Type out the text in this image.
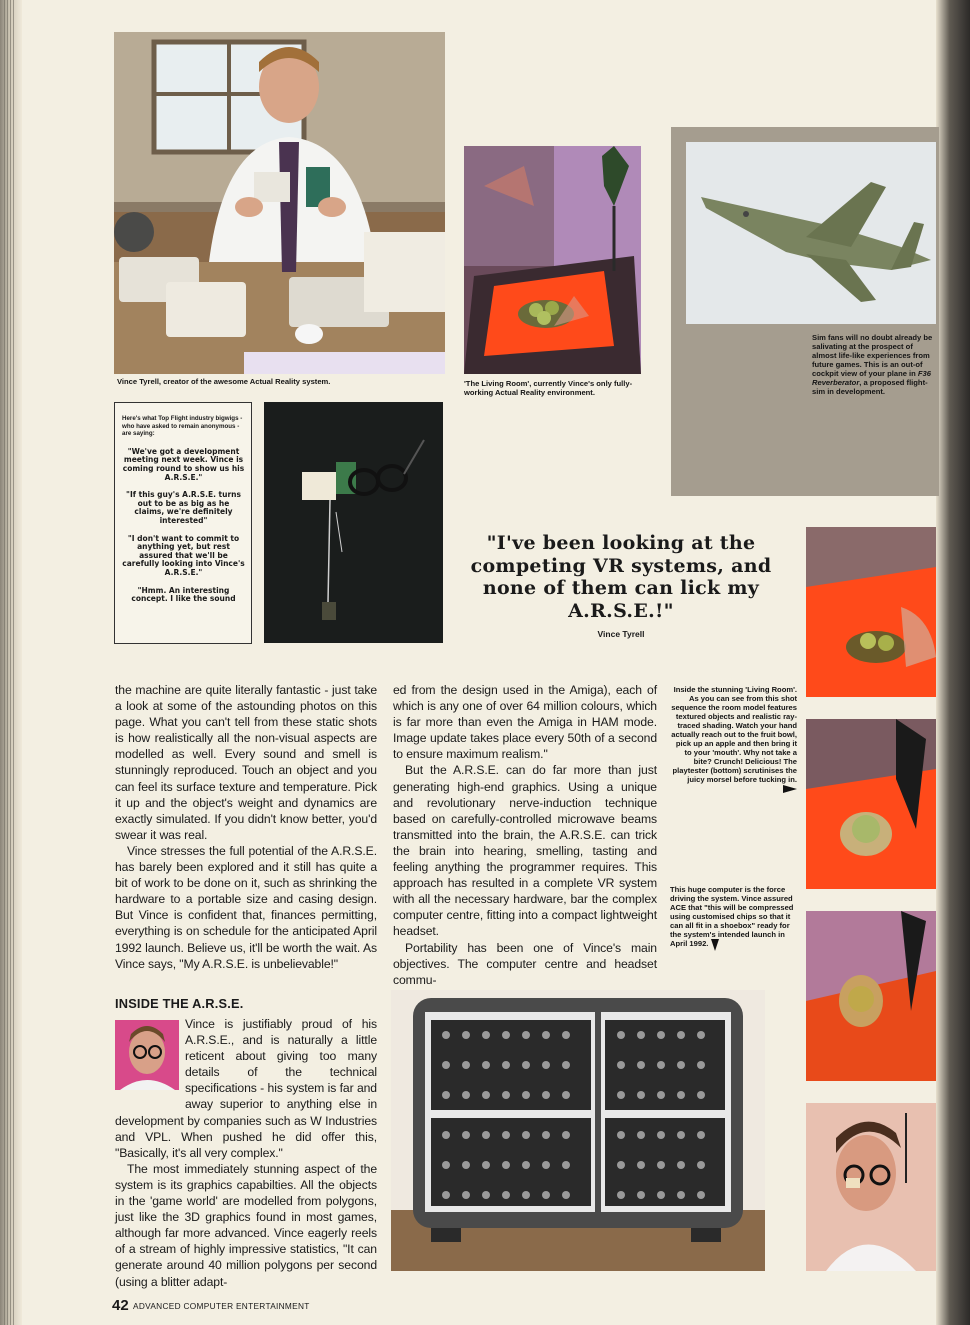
Vince Tyrell, creator of the awesome Actual Reality system.	'The Living Room', currently Vince's only fully-working Actual Reality environment.
Sim fans will no doubt already be salivating at the prospect of almost life-like experiences from future games. This is an out-of cockpit view of your plane in F36 Reverberator, a proposed flight-sim in development.
Here's what Top Flight industry bigwigs - who have asked to remain anonymous - are saying:
"We've got a development meeting next week. Vince is coming round to show us his A.R.S.E."
"If this guy's A.R.S.E. turns out to be as big as he claims, we're definitely interested"
"I don't want to commit to anything yet, but rest assured that we'll be carefully looking into Vince's A.R.S.E."
"Hmm. An interesting concept. I like the sound
"I've been looking at the competing VR systems, and none of them can lick my A.R.S.E.!"
Vince Tyrell
Inside the stunning 'Living Room'. As you can see from this shot sequence the room model features textured objects and realistic ray-traced shading. Watch your hand actually reach out to the fruit bowl, pick up an apple and then bring it to your 'mouth'. Why not take a bite? Crunch! Delicious! The playtester (bottom) scrutinises the juicy morsel before tucking in.
This huge computer is the force driving the system. Vince assured ACE that "this will be compressed using customised chips so that it can all fit in a shoebox" ready for the system's intended launch in April 1992.

the machine are quite literally fantastic - just take a look at some of the astounding photos on this page. What you can't tell from these static shots is how realistically all the non-visual aspects are modelled as well. Every sound and smell is stunningly reproduced. Touch an object and you can feel its surface texture and temperature. Pick it up and the object's weight and dynamics are exactly simulated. If you didn't know better, you'd swear it was real.

Vince stresses the full potential of the A.R.S.E. has barely been explored and it still has quite a bit of work to be done on it, such as shrinking the hardware to a portable size and casing design. But Vince is confident that, finances permitting, everything is on schedule for the anticipated April 1992 launch. Believe us, it'll be worth the wait. As Vince says, "My A.R.S.E. is unbelievable!"

INSIDE THE A.R.S.E.

Vince is justifiably proud of his A.R.S.E., and is naturally a little reticent about giving too many details of the technical specifications - his system is far and away superior to anything else in development by companies such as W Industries and VPL. When pushed he did offer this, "Basically, it's all very complex."

The most immediately stunning aspect of the system is its graphics capabilties. All the objects in the 'game world' are modelled from polygons, just like the 3D graphics found in most games, although far more advanced. Vince eagerly reels of a stream of highly impressive statistics, "It can generate around 40 million polygons per second (using a blitter adapt-

ed from the design used in the Amiga), each of which is any one of over 64 million colours, which is far more than even the Amiga in HAM mode. Image update takes place every 50th of a second to ensure maximum realism."

But the A.R.S.E. can do far more than just generating high-end graphics. Using a unique and revolutionary nerve-induction technique based on carefully-controlled microwave beams transmitted into the brain, the A.R.S.E. can trick the brain into hearing, smelling, tasting and feeling anything the programmer requires. This approach has resulted in a complete VR system with all the necessary hardware, bar the complex computer centre, fitting into a compact lightweight headset.

Portability has been one of Vince's main objectives. The computer centre and headset commu-

42 ADVANCED COMPUTER ENTERTAINMENT
